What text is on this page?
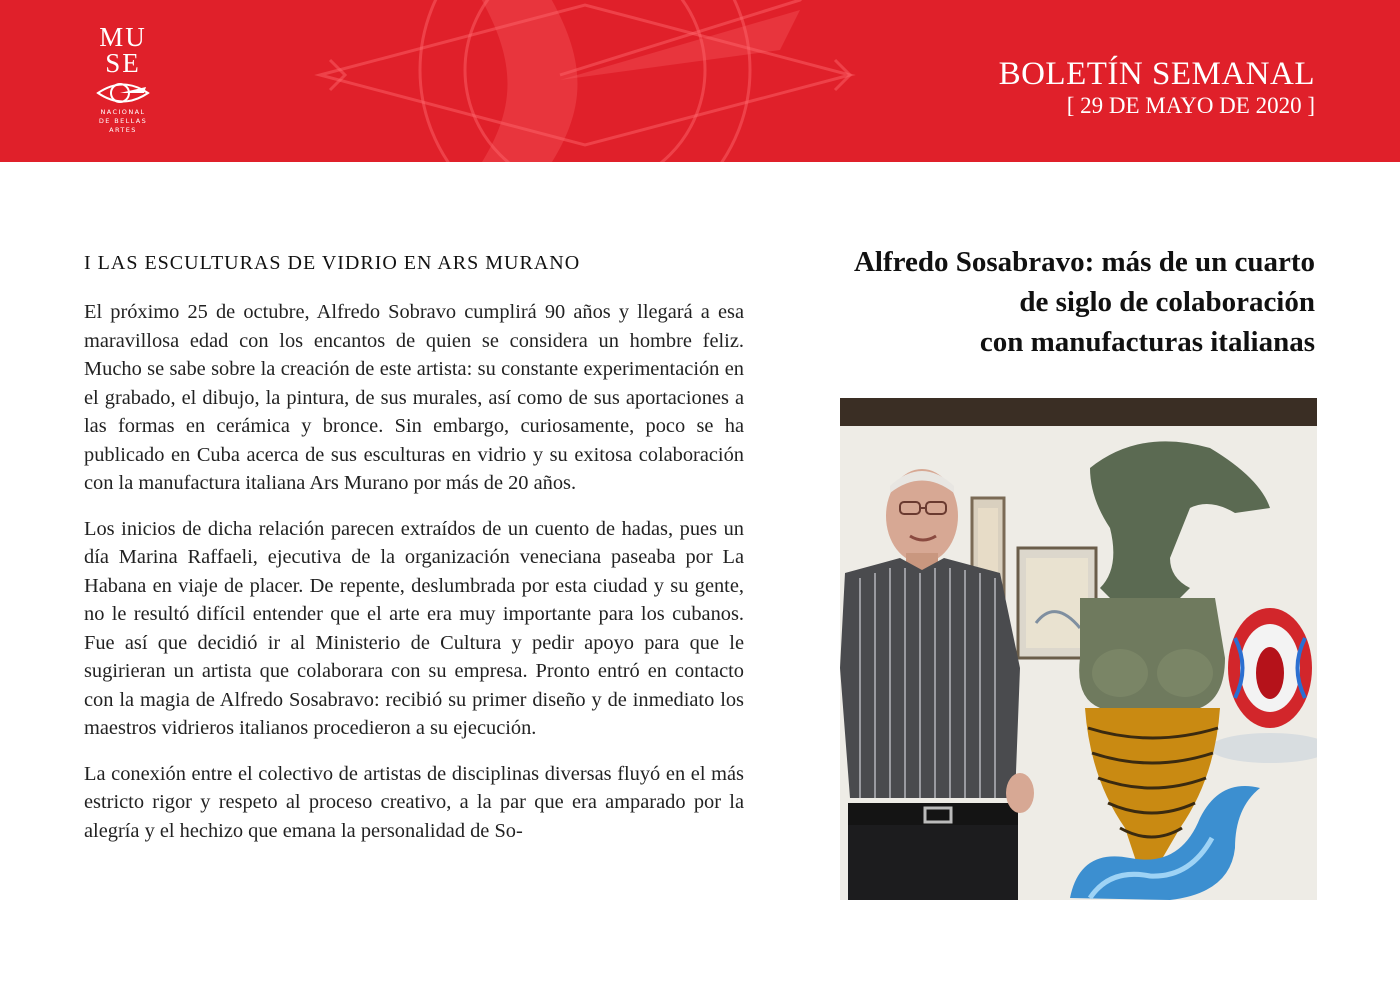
MU
SE
NACIONAL
DE BELLAS
ARTES
BOLETÍN SEMANAL
[ 29 DE MAYO DE 2020 ]
I LAS ESCULTURAS DE VIDRIO EN ARS MURANO

El próximo 25 de octubre, Alfredo Sobravo cumplirá 90 años y llegará a esa maravillosa edad con los encantos de quien se considera un hombre feliz. Mucho se sabe sobre la creación de este artista: su constante experimentación en el grabado, el dibujo, la pintura, de sus murales, así como de sus aportaciones a las formas en cerámica y bronce. Sin embargo, curiosamente, poco se ha publicado en Cuba acerca de sus esculturas en vidrio y su exitosa colaboración con la manufactura italiana Ars Murano por más de 20 años.

Los inicios de dicha relación parecen extraídos de un cuento de hadas, pues un día Marina Raffaeli, ejecutiva de la organización veneciana paseaba por La Habana en viaje de placer. De repente, deslumbrada por esta ciudad y su gente, no le resultó difícil entender que el arte era muy importante para los cubanos. Fue así que decidió ir al Ministerio de Cultura y pedir apoyo para que le sugirieran un artista que colaborara con su empresa. Pronto entró en contacto con la magia de Alfredo Sosabravo: recibió su primer diseño y de inmediato los maestros vidrieros italianos procedieron a su ejecución.

La conexión entre el colectivo de artistas de disciplinas diversas fluyó en el más estricto rigor y respeto al proceso creativo, a la par que era amparado por la alegría y el hechizo que emana la personalidad de So-

Alfredo Sosabravo: más de un cuarto
de siglo de colaboración
con manufacturas italianas
